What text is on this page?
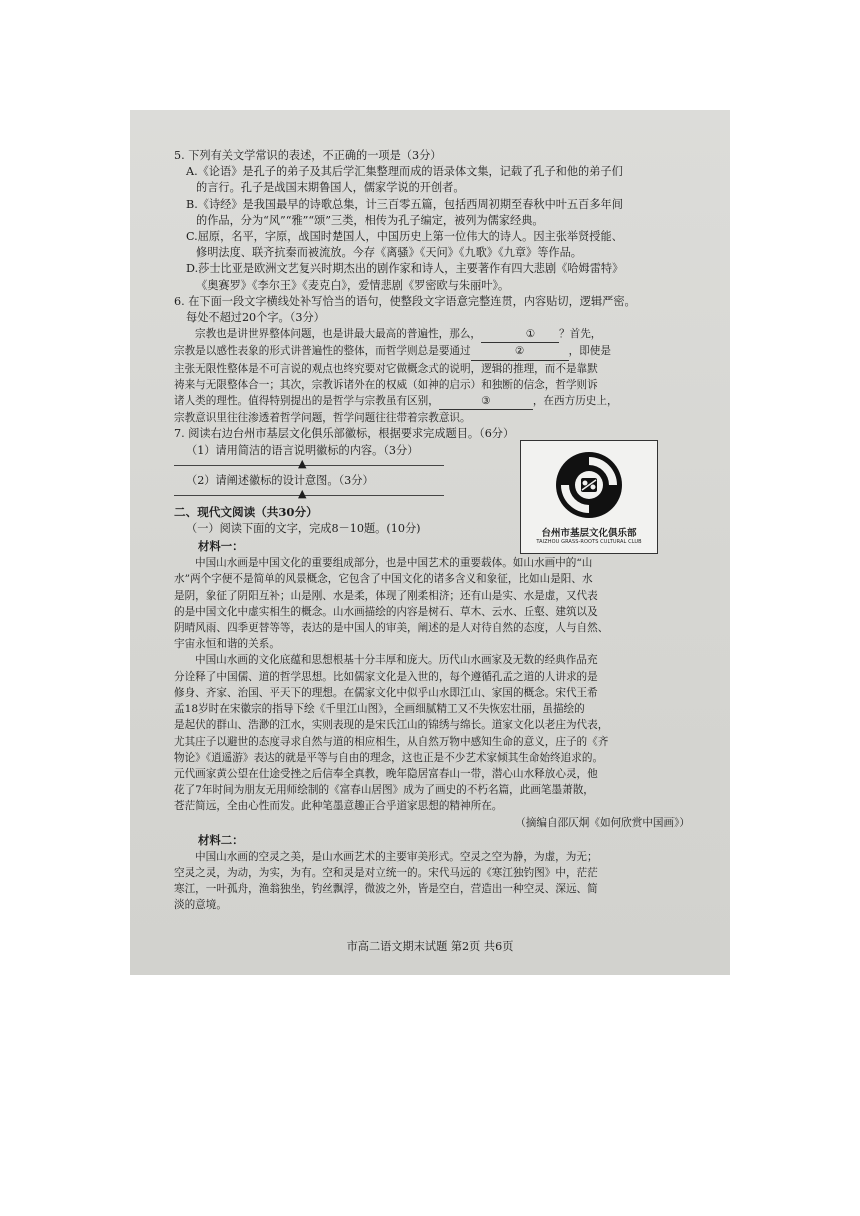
5. 下列有关文学常识的表述，不正确的一项是（3分）
A.《论语》是孔子的弟子及其后学汇集整理而成的语录体文集，记载了孔子和他的弟子们
的言行。孔子是战国末期鲁国人，儒家学说的开创者。
B.《诗经》是我国最早的诗歌总集，计三百零五篇，包括西周初期至春秋中叶五百多年间
的作品，分为“风”“雅”“颂”三类，相传为孔子编定，被列为儒家经典。
C.屈原，名平，字原，战国时楚国人，中国历史上第一位伟大的诗人。因主张举贤授能、
修明法度、联齐抗秦而被流放。今存《离骚》《天问》《九歌》《九章》等作品。
D.莎士比亚是欧洲文艺复兴时期杰出的剧作家和诗人，主要著作有四大悲剧《哈姆雷特》
《奥赛罗》《李尔王》《麦克白》，爱情悲剧《罗密欧与朱丽叶》。
6. 在下面一段文字横线处补写恰当的语句，使整段文字语意完整连贯，内容贴切，逻辑严密。
每处不超过20个字。（3分）
宗教也是讲世界整体问题，也是讲最大最高的普遍性，那么，	① ？首先，
宗教是以感性表象的形式讲普遍性的整体，而哲学则总是要通过	②	，即使是
主张无限性整体是不可言说的观点也终究要对它做概念式的说明，逻辑的推理，而不是靠默
祷来与无限整体合一；其次，宗教诉诸外在的权威（如神的启示）和独断的信念，哲学则诉
诸人类的理性。值得特别提出的是哲学与宗教虽有区别，	③	，在西方历史上，
宗教意识里往往渗透着哲学问题，哲学问题往往带着宗教意识。
7. 阅读右边台州市基层文化俱乐部徽标，根据要求完成题目。（6分）
（1）请用简洁的语言说明徽标的内容。（3分）
▲
（2）请阐述徽标的设计意图。（3分）
▲
二、现代文阅读（共30分）
（一）阅读下面的文字，完成8－10题。(10分)
材料一：
中国山水画是中国文化的重要组成部分，也是中国艺术的重要载体。如山水画中的“山
水”两个字便不是简单的风景概念，它包含了中国文化的诸多含义和象征，比如山是阳、水
是阴，象征了阴阳互补；山是刚、水是柔，体现了刚柔相济；还有山是实、水是虚，又代表
的是中国文化中虚实相生的概念。山水画描绘的内容是树石、草木、云水、丘壑、建筑以及
阴晴风雨、四季更替等等，表达的是中国人的审美，阐述的是人对待自然的态度，人与自然、
宇宙永恒和谐的关系。
中国山水画的文化底蕴和思想根基十分丰厚和庞大。历代山水画家及无数的经典作品充
分诠释了中国儒、道的哲学思想。比如儒家文化是入世的，每个遵循孔孟之道的人讲求的是
修身、齐家、治国、平天下的理想。在儒家文化中似乎山水即江山、家国的概念。宋代王希
孟18岁时在宋徽宗的指导下绘《千里江山图》，全画细腻精工又不失恢宏壮丽，虽描绘的
是起伏的群山、浩渺的江水，实则表现的是宋氏江山的锦绣与绵长。道家文化以老庄为代表，
尤其庄子以避世的态度寻求自然与道的相应相生，从自然万物中感知生命的意义，庄子的《齐
物论》《逍遥游》表达的就是平等与自由的理念，这也正是不少艺术家倾其生命始终追求的。
元代画家黄公望在仕途受挫之后信奉全真教，晚年隐居富春山一带，潜心山水释放心灵，他
花了7年时间为朋友无用师绘制的《富春山居图》成为了画史的不朽名篇，此画笔墨萧散，
苍茫简远，全由心性而发。此种笔墨意趣正合乎道家思想的精神所在。
（摘编自邵仄炯《如何欣赏中国画》）
材料二：
中国山水画的空灵之美，是山水画艺术的主要审美形式。空灵之空为静，为虚，为无；
空灵之灵，为动，为实，为有。空和灵是对立统一的。宋代马远的《寒江独钓图》中，茫茫
寒江，一叶孤舟，渔翁独坐，钓丝飘浮，微波之外，皆是空白，营造出一种空灵、深远、简
淡的意境。
台州市基层文化俱乐部
TAIZHOU GRASS-ROOTS CULTURAL CLUB
市高二语文期末试题 第2页 共6页
